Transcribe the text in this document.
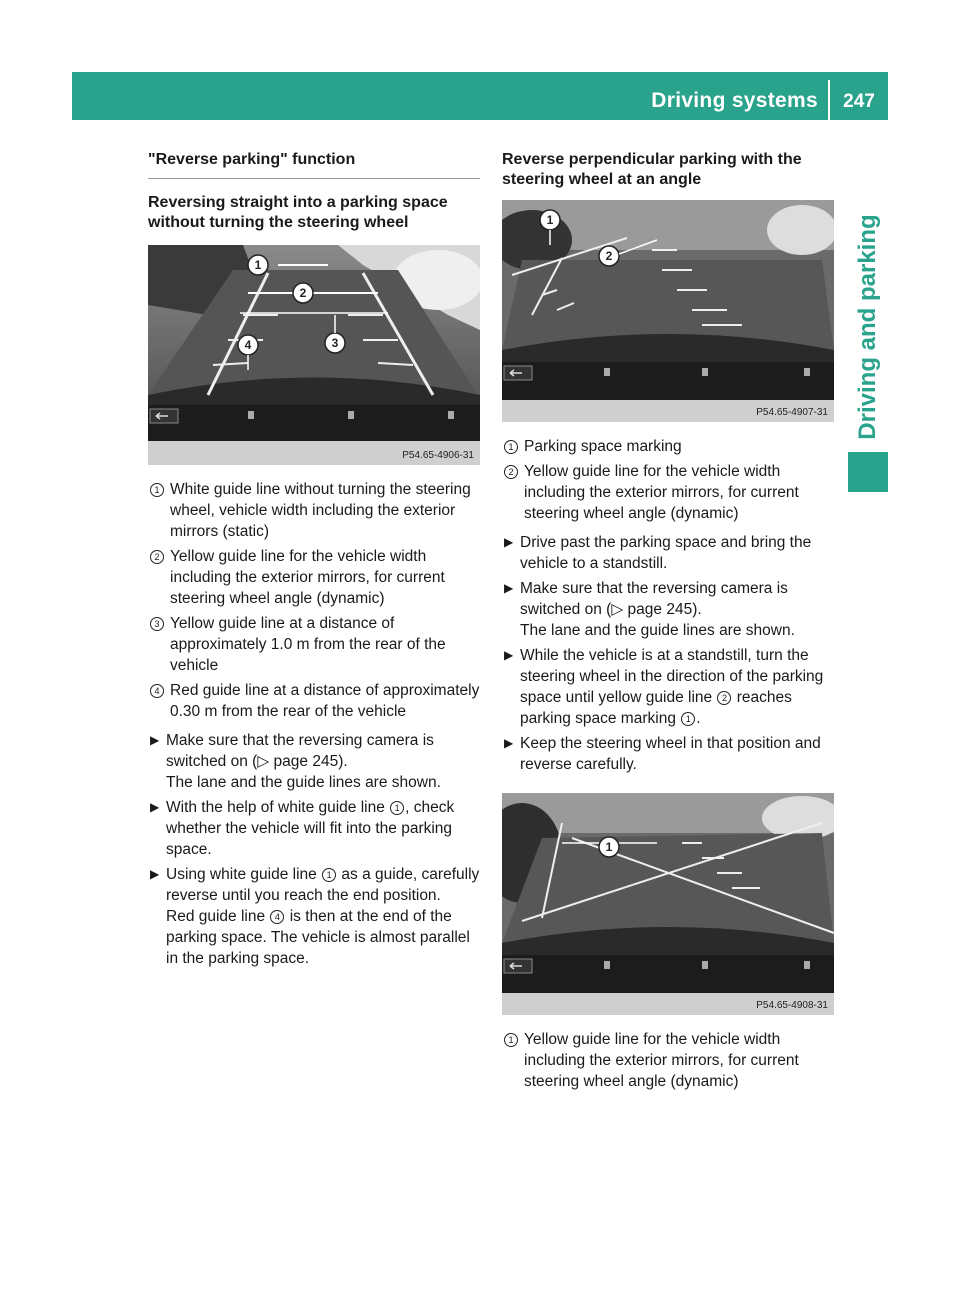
Driving systems	247
Driving and parking
"Reverse parking" function
Reversing straight into a parking space without turning the steering wheel
1
2
3
4
P54.65-4906-31
1 White guide line without turning the steering wheel, vehicle width including the exterior mirrors (static)
2 Yellow guide line for the vehicle width including the exterior mirrors, for current steering wheel angle (dynamic)
3 Yellow guide line at a distance of approximately 1.0 m from the rear of the vehicle
4 Red guide line at a distance of approximately 0.30 m from the rear of the vehicle
▶ Make sure that the reversing camera is switched on (▷ page 245).
The lane and the guide lines are shown.
▶ With the help of white guide line 1 , check whether the vehicle will fit into the parking space.
▶ Using white guide line 1 as a guide, carefully reverse until you reach the end position.
Red guide line 4 is then at the end of the parking space. The vehicle is almost parallel in the parking space.
Reverse perpendicular parking with the steering wheel at an angle
1
2
P54.65-4907-31
1 Parking space marking
2 Yellow guide line for the vehicle width including the exterior mirrors, for current steering wheel angle (dynamic)
▶ Drive past the parking space and bring the vehicle to a standstill.
▶ Make sure that the reversing camera is switched on (▷ page 245).
The lane and the guide lines are shown.
▶ While the vehicle is at a standstill, turn the steering wheel in the direction of the parking space until yellow guide line 2 reaches parking space marking 1 .
▶ Keep the steering wheel in that position and reverse carefully.
1
P54.65-4908-31
1 Yellow guide line for the vehicle width including the exterior mirrors, for current steering wheel angle (dynamic)
